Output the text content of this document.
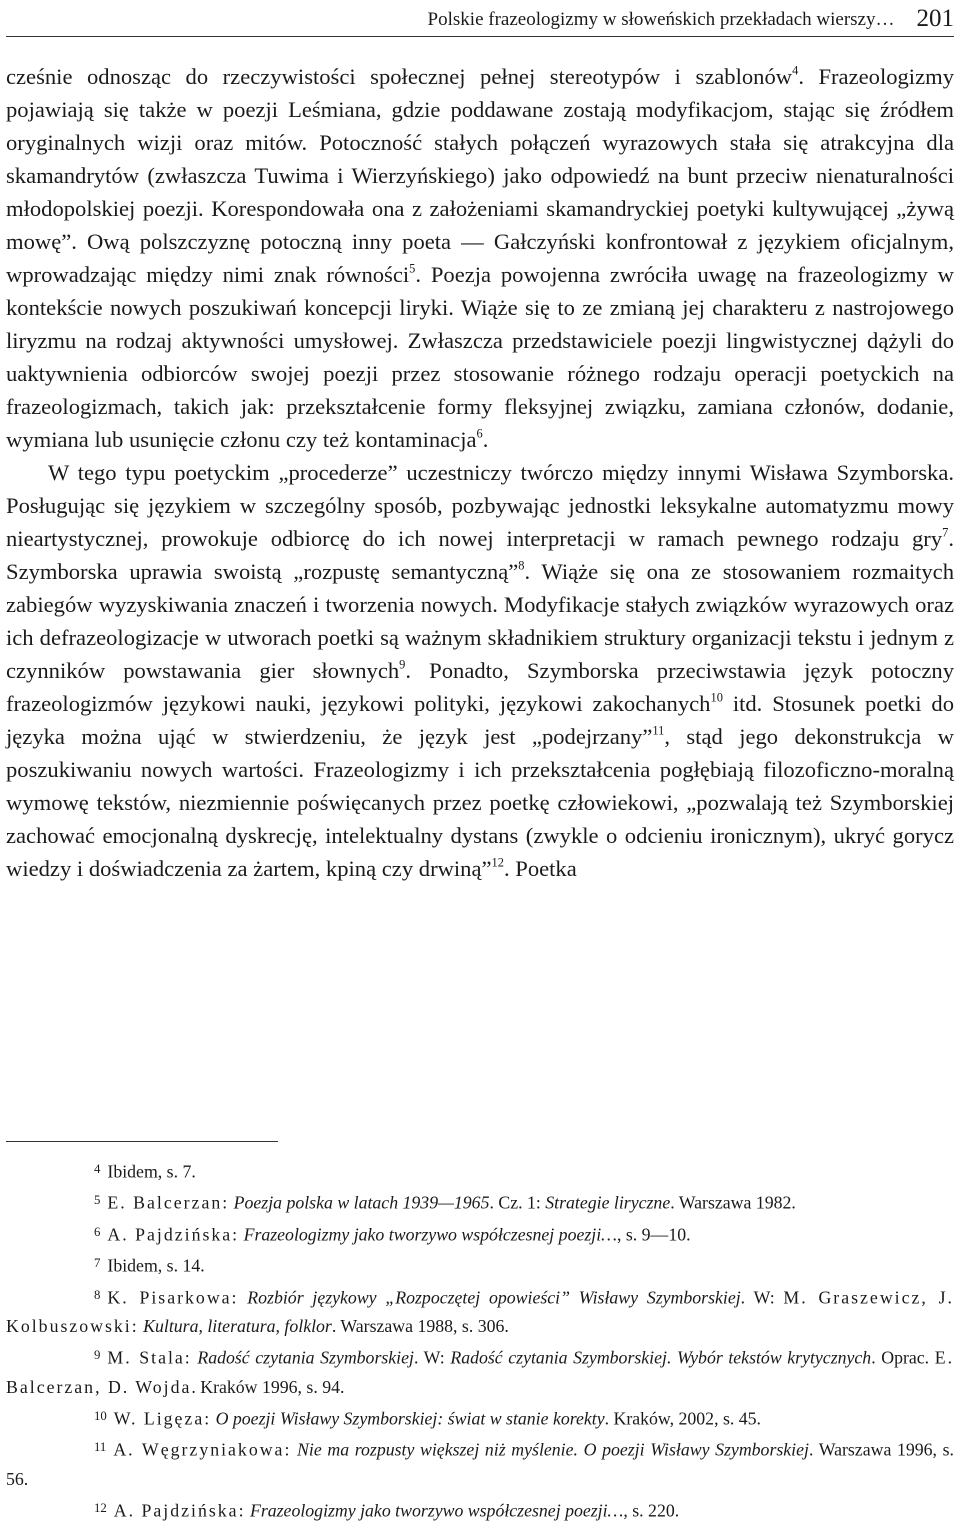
Polskie frazeologizmy w słoweńskich przekładach wierszy… 201

cześnie odnosząc do rzeczywistości społecznej pełnej stereotypów i szablonów$^4$. Frazeologizmy pojawiają się także w poezji Leśmiana, gdzie poddawane zostają modyfikacjom, stając się źródłem oryginalnych wizji oraz mitów. Potoczność stałych połączeń wyrazowych stała się atrakcyjna dla skamandrytów (zwłaszcza Tuwima i Wierzyńskiego) jako odpowiedź na bunt przeciw nienaturalności młodopolskiej poezji. Korespondowała ona z założeniami skamandryckiej poetyki kultywującej „żywą mowę”. Ową polszczyznę potoczną inny poeta — Gałczyński konfrontował z językiem oficjalnym, wprowadzając między nimi znak równości$^5$. Poezja powojenna zwróciła uwagę na frazeologizmy w kontekście nowych poszukiwań koncepcji liryki. Wiąże się to ze zmianą jej charakteru z nastrojowego liryzmu na rodzaj aktywności umysłowej. Zwłaszcza przedstawiciele poezji lingwistycznej dążyli do uaktywnienia odbiorców swojej poezji przez stosowanie różnego rodzaju operacji poetyckich na frazeologizmach, takich jak: przekształcenie formy fleksyjnej związku, zamiana członów, dodanie, wymiana lub usunięcie członu czy też kontaminacja$^6$.

W tego typu poetyckim „procederze” uczestniczy twórczo między innymi Wisława Szymborska. Posługując się językiem w szczególny sposób, pozbywając jednostki leksykalne automatyzmu mowy nieartystycznej, prowokuje odbiorcę do ich nowej interpretacji w ramach pewnego rodzaju gry$^7$. Szymborska uprawia swoistą „rozpustę semantyczną”$^8$. Wiąże się ona ze stosowaniem rozmaitych zabiegów wyzyskiwania znaczeń i tworzenia nowych. Modyfikacje stałych związków wyrazowych oraz ich defrazeologizacje w utworach poetki są ważnym składnikiem struktury organizacji tekstu i jednym z czynników powstawania gier słownych$^9$. Ponadto, Szymborska przeciwstawia język potoczny frazeologizmów językowi nauki, językowi polityki, językowi zakochanych$^{10}$ itd. Stosunek poetki do języka można ująć w stwierdzeniu, że język jest „podejrzany”$^{11}$, stąd jego dekonstrukcja w poszukiwaniu nowych wartości. Frazeologizmy i ich przekształcenia pogłębiają filozoficzno-moralną wymowę tekstów, niezmiennie poświęcanych przez poetkę człowiekowi, „pozwalają też Szymborskiej zachować emocjonalną dyskrecję, intelektualny dystans (zwykle o odcieniu ironicznym), ukryć gorycz wiedzy i doświadczenia za żartem, kpiną czy drwiną”$^{12}$. Poetka

4 Ibidem, s. 7.

5 E. Balcerzan: Poezja polska w latach 1939—1965. Cz. 1: Strategie liryczne. Warszawa 1982.

6 A. Pajdzińska: Frazeologizmy jako tworzywo współczesnej poezji…, s. 9—10.

7 Ibidem, s. 14.

8 K. Pisarkowa: Rozbiór językowy „Rozpoczętej opowieści” Wisławy Szymborskiej. W: M. Graszewicz, J. Kolbuszowski: Kultura, literatura, folklor. Warszawa 1988, s. 306.

9 M. Stala: Radość czytania Szymborskiej. W: Radość czytania Szymborskiej. Wybór tekstów krytycznych. Oprac. E. Balcerzan, D. Wojda. Kraków 1996, s. 94.

10 W. Ligęza: O poezji Wisławy Szymborskiej: świat w stanie korekty. Kraków, 2002, s. 45.

11 A. Węgrzyniakowa: Nie ma rozpusty większej niż myślenie. O poezji Wisławy Szymborskiej. Warszawa 1996, s. 56.

12 A. Pajdzińska: Frazeologizmy jako tworzywo współczesnej poezji…, s. 220.
